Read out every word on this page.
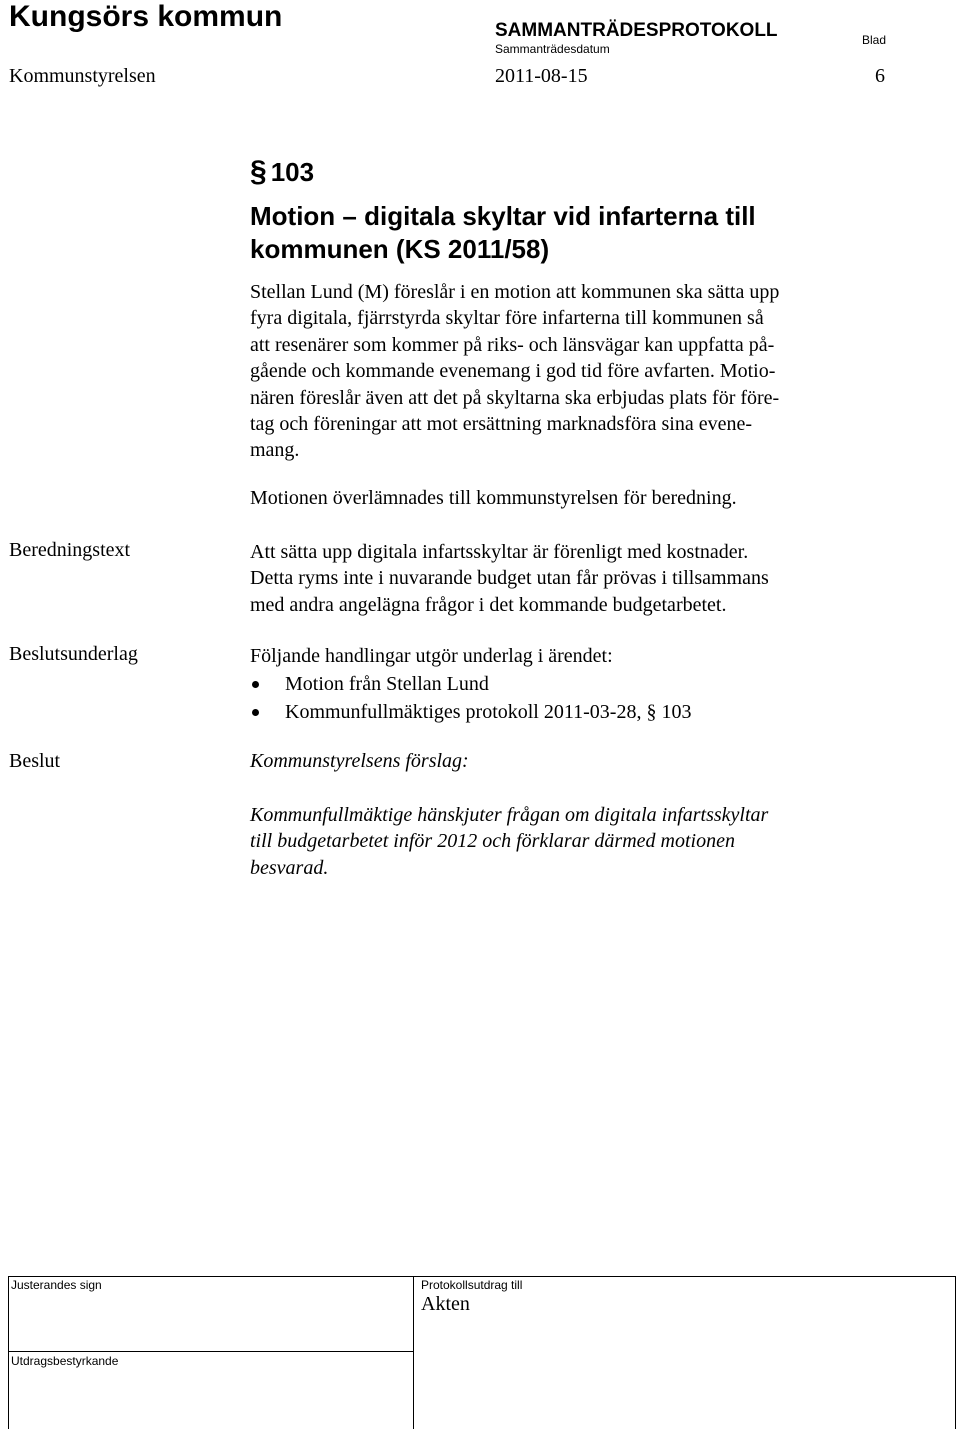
Kungsörs kommun	SAMMANTRÄDESPROTOKOLL
Sammanträdesdatum
Blad
Kommunstyrelsen	2011-08-15	6
§ 103
Motion – digitala skyltar vid infarterna till
kommunen (KS 2011/58)
Stellan Lund (M) föreslår i en motion att kommunen ska sätta upp
fyra digitala, fjärrstyrda skyltar före infarterna till kommunen så
att resenärer som kommer på riks- och länsvägar kan uppfatta på-
gående och kommande evenemang i god tid före avfarten. Motio-
nären föreslår även att det på skyltarna ska erbjudas plats för före-
tag och föreningar att mot ersättning marknadsföra sina evene-
mang.
Motionen överlämnades till kommunstyrelsen för beredning.
Beredningstext	Att sätta upp digitala infartsskyltar är förenligt med kostnader.
Detta ryms inte i nuvarande budget utan får prövas i tillsammans
med andra angelägna frågor i det kommande budgetarbetet.
Beslutsunderlag	Följande handlingar utgör underlag i ärendet:
Motion från Stellan Lund
Kommunfullmäktiges protokoll 2011-03-28, § 103
Beslut	Kommunstyrelsens förslag:
Kommunfullmäktige hänskjuter frågan om digitala infartsskyltar
till budgetarbetet inför 2012 och förklarar därmed motionen
besvarad.
Justerandes sign	Protokollsutdrag till
Akten
Utdragsbestyrkande
